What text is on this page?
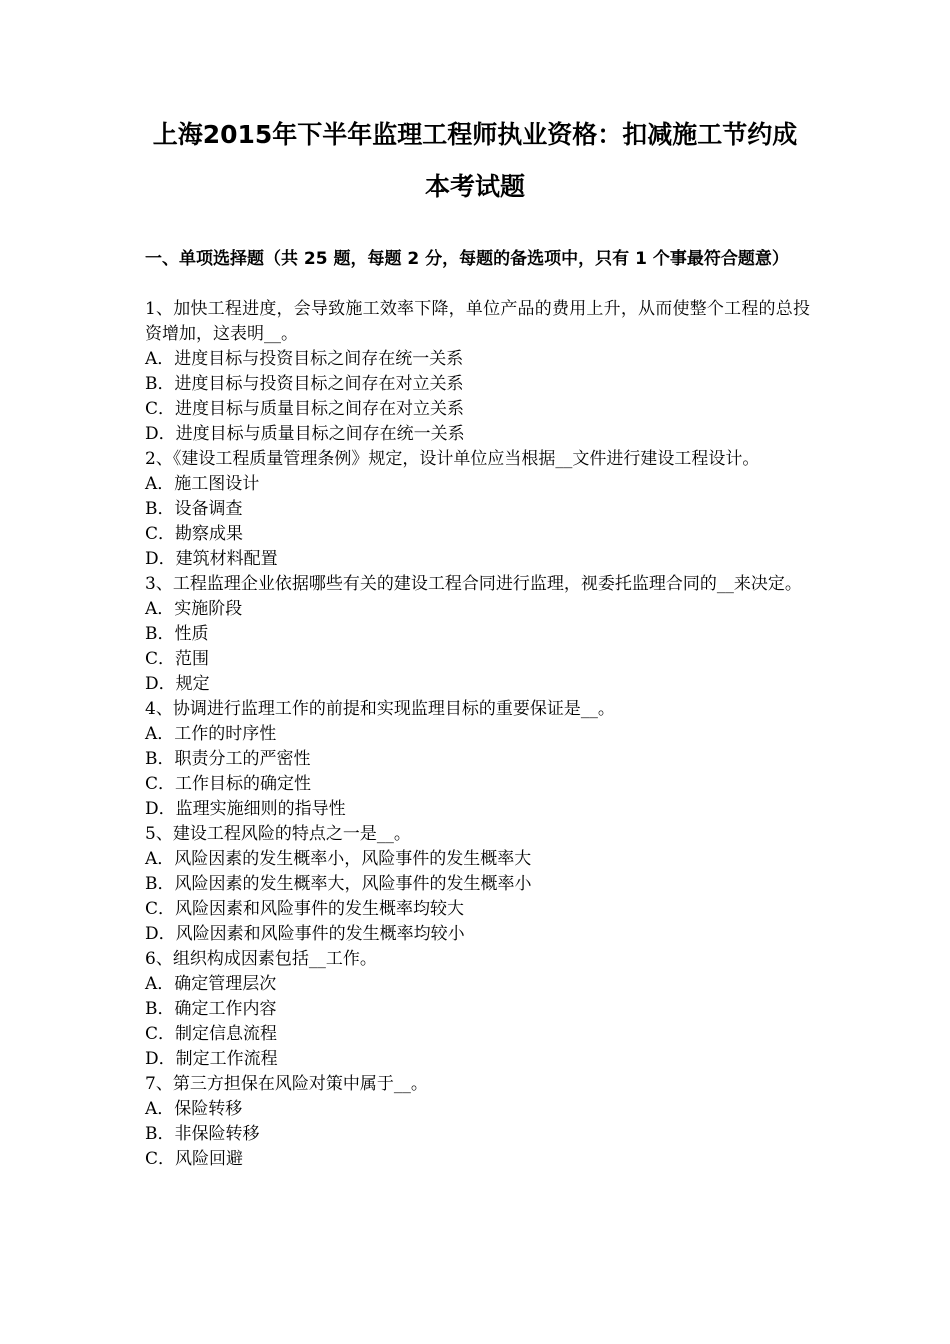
上海2015年下半年监理工程师执业资格：扣减施工节约成
本考试题
一、单项选择题（共 25 题，每题 2 分，每题的备选项中，只有 1 个事最符合题意）

1、加快工程进度，会导致施工效率下降，单位产品的费用上升，从而使整个工程的总投资增加，这表明__。

A．进度目标与投资目标之间存在统一关系

B．进度目标与投资目标之间存在对立关系

C．进度目标与质量目标之间存在对立关系

D．进度目标与质量目标之间存在统一关系

2、《建设工程质量管理条例》规定，设计单位应当根据__文件进行建设工程设计。

A．施工图设计

B．设备调查

C．勘察成果

D．建筑材料配置

3、工程监理企业依据哪些有关的建设工程合同进行监理，视委托监理合同的__来决定。

A．实施阶段

B．性质

C．范围

D．规定

4、协调进行监理工作的前提和实现监理目标的重要保证是__。

A．工作的时序性

B．职责分工的严密性

C．工作目标的确定性

D．监理实施细则的指导性

5、建设工程风险的特点之一是__。

A．风险因素的发生概率小，风险事件的发生概率大

B．风险因素的发生概率大，风险事件的发生概率小

C．风险因素和风险事件的发生概率均较大

D．风险因素和风险事件的发生概率均较小

6、组织构成因素包括__工作。

A．确定管理层次

B．确定工作内容

C．制定信息流程

D．制定工作流程

7、第三方担保在风险对策中属于__。

A．保险转移

B．非保险转移

C．风险回避
